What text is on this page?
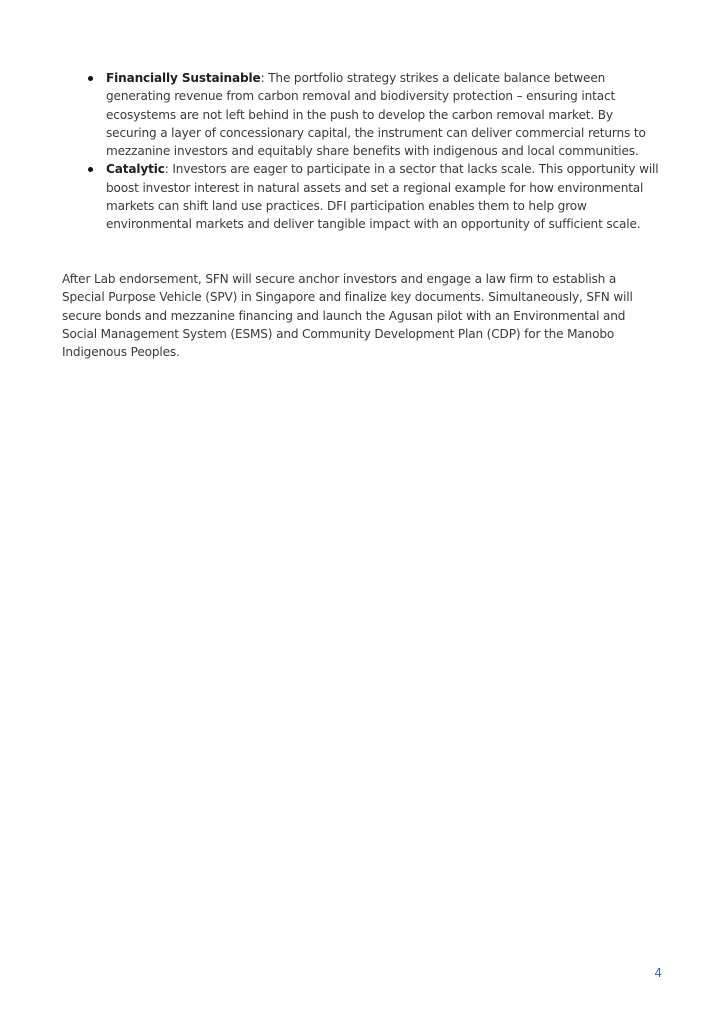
Financially Sustainable: The portfolio strategy strikes a delicate balance between generating revenue from carbon removal and biodiversity protection – ensuring intact ecosystems are not left behind in the push to develop the carbon removal market. By securing a layer of concessionary capital, the instrument can deliver commercial returns to mezzanine investors and equitably share benefits with indigenous and local communities.
Catalytic: Investors are eager to participate in a sector that lacks scale. This opportunity will boost investor interest in natural assets and set a regional example for how environmental markets can shift land use practices. DFI participation enables them to help grow environmental markets and deliver tangible impact with an opportunity of sufficient scale.

After Lab endorsement, SFN will secure anchor investors and engage a law firm to establish a Special Purpose Vehicle (SPV) in Singapore and finalize key documents. Simultaneously, SFN will secure bonds and mezzanine financing and launch the Agusan pilot with an Environmental and Social Management System (ESMS) and Community Development Plan (CDP) for the Manobo Indigenous Peoples.

4
